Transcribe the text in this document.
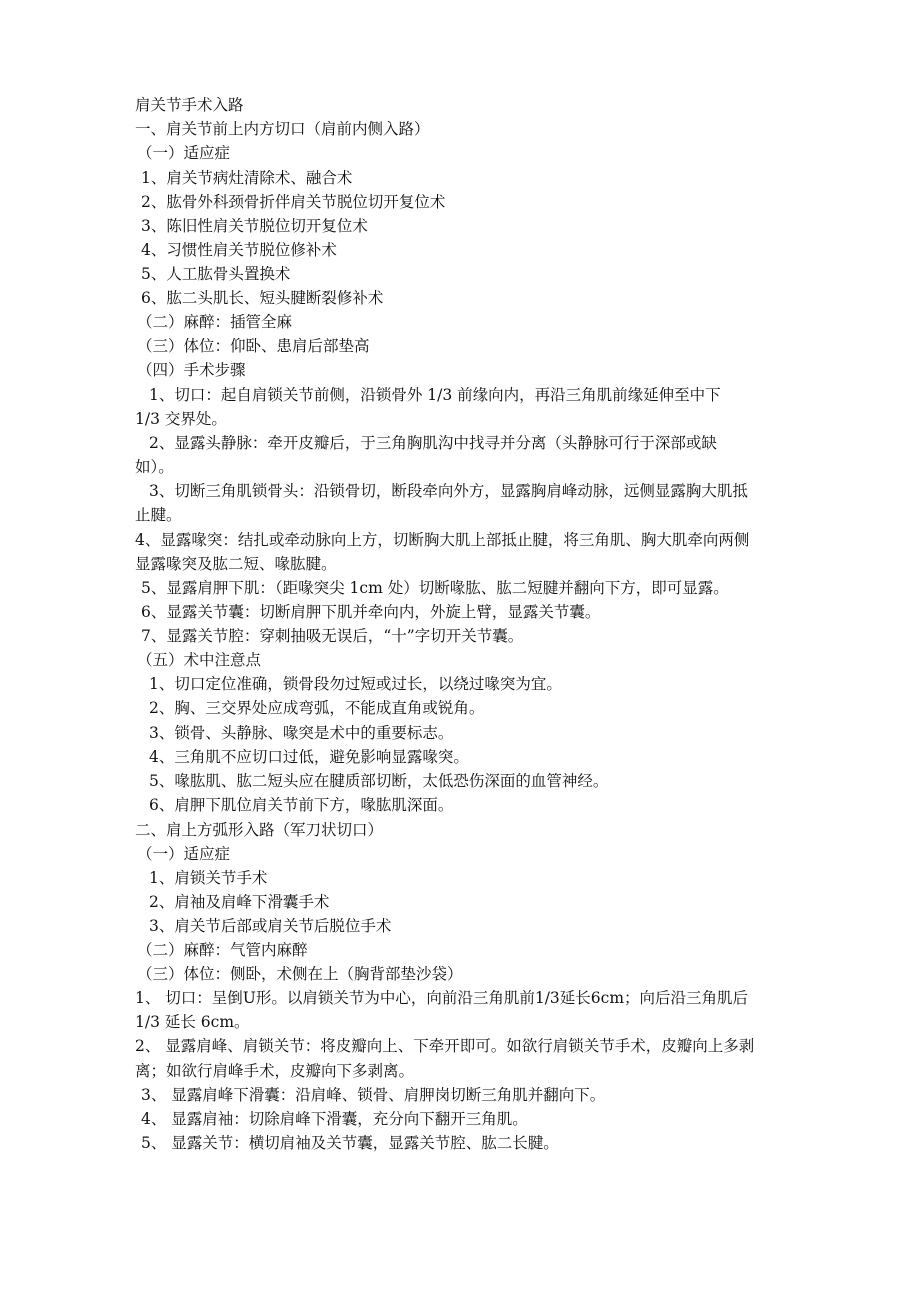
肩关节手术入路
一、肩关节前上内方切口（肩前内侧入路）
（一）适应症
1、肩关节病灶清除术、融合术
2、肱骨外科颈骨折伴肩关节脱位切开复位术
3、陈旧性肩关节脱位切开复位术
4、习惯性肩关节脱位修补术
5、人工肱骨头置换术
6、肱二头肌长、短头腱断裂修补术
（二）麻醉：插管全麻
（三）体位：仰卧、患肩后部垫高
（四）手术步骤
1、切口：起自肩锁关节前侧，沿锁骨外 1/3 前缘向内，再沿三角肌前缘延伸至中下
1/3 交界处。
2、显露头静脉：牵开皮瓣后，于三角胸肌沟中找寻并分离（头静脉可行于深部或缺
如）。
3、切断三角肌锁骨头：沿锁骨切，断段牵向外方，显露胸肩峰动脉，远侧显露胸大肌抵
止腱。
4、显露喙突：结扎或牵动脉向上方，切断胸大肌上部抵止腱，将三角肌、胸大肌牵向两侧
显露喙突及肱二短、喙肱腱。
5、显露肩胛下肌：（距喙突尖 1cm 处）切断喙肱、肱二短腱并翻向下方，即可显露。
6、显露关节囊：切断肩胛下肌并牵向内，外旋上臂，显露关节囊。
7、显露关节腔：穿刺抽吸无误后，“十”字切开关节囊。
（五）术中注意点
1、切口定位准确，锁骨段勿过短或过长，以绕过喙突为宜。
2、胸、三交界处应成弯弧，不能成直角或锐角。
3、锁骨、头静脉、喙突是术中的重要标志。
4、三角肌不应切口过低，避免影响显露喙突。
5、喙肱肌、肱二短头应在腱质部切断，太低恐伤深面的血管神经。
6、肩胛下肌位肩关节前下方，喙肱肌深面。
二、肩上方弧形入路（军刀状切口）
（一）适应症
1、肩锁关节手术
2、肩袖及肩峰下滑囊手术
3、肩关节后部或肩关节后脱位手术
（二）麻醉：气管内麻醉
（三）体位：侧卧，术侧在上（胸背部垫沙袋）
1、 切口：呈倒U形。以肩锁关节为中心，向前沿三角肌前1/3延长6cm；向后沿三角肌后
1/3 延长 6cm。
2、 显露肩峰、肩锁关节：将皮瓣向上、下牵开即可。如欲行肩锁关节手术，皮瓣向上多剥
离；如欲行肩峰手术，皮瓣向下多剥离。
3、 显露肩峰下滑囊：沿肩峰、锁骨、肩胛岗切断三角肌并翻向下。
4、 显露肩袖：切除肩峰下滑囊，充分向下翻开三角肌。
5、 显露关节：横切肩袖及关节囊，显露关节腔、肱二长腱。
